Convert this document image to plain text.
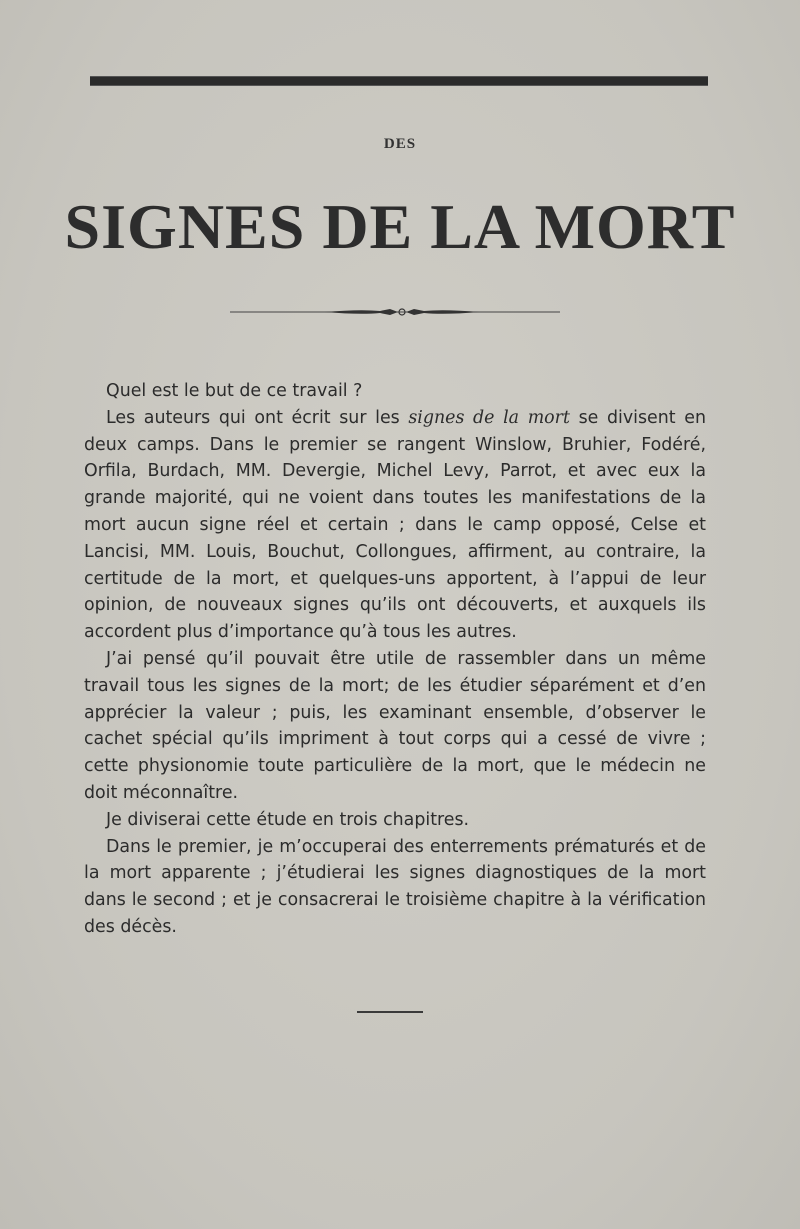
DES
SIGNES DE LA MORT

Quel est le but de ce travail ?

Les auteurs qui ont écrit sur les signes de la mort se divisent en deux camps. Dans le premier se rangent Winslow, Bruhier, Fodéré, Orfila, Burdach, MM. Devergie, Michel Levy, Parrot, et avec eux la grande majorité, qui ne voient dans toutes les manifestations de la mort aucun signe réel et certain ; dans le camp opposé, Celse et Lancisi, MM. Louis, Bouchut, Collongues, affirment, au contraire, la certitude de la mort, et quelques-uns apportent, à l’appui de leur opinion, de nouveaux signes qu’ils ont découverts, et auxquels ils accordent plus d’importance qu’à tous les autres.

J’ai pensé qu’il pouvait être utile de rassembler dans un même travail tous les signes de la mort; de les étudier séparément et d’en apprécier la valeur ; puis, les examinant ensemble, d’observer le cachet spécial qu’ils impriment à tout corps qui a cessé de vivre ; cette physionomie toute particulière de la mort, que le médecin ne doit méconnaître.

Je diviserai cette étude en trois chapitres.

Dans le premier, je m’occuperai des enterrements prématurés et de la mort apparente ; j’étudierai les signes diagnostiques de la mort dans le second ; et je consacrerai le troisième chapitre à la vérification des décès.
